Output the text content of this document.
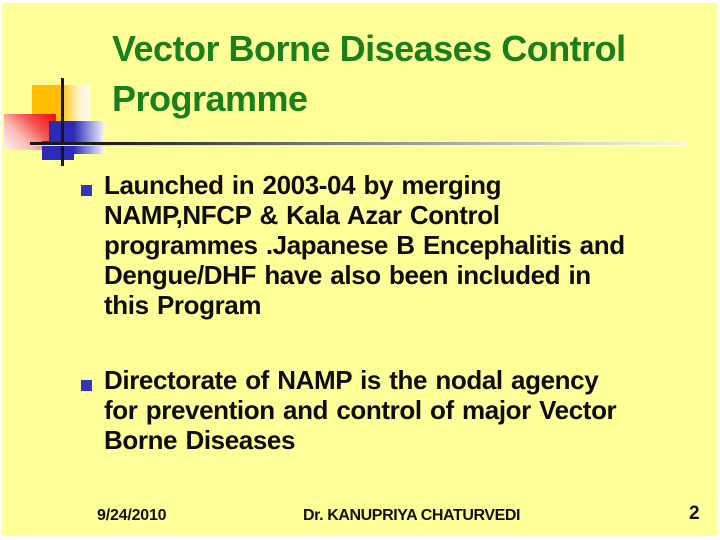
Vector Borne Diseases Control Programme
Launched in 2003-04 by merging
NAMP,NFCP & Kala Azar Control
programmes .Japanese B Encephalitis and
Dengue/DHF have also been included in
this Program
Directorate of NAMP is the nodal agency
for prevention and control of major Vector
Borne Diseases
9/24/2010	Dr. KANUPRIYA CHATURVEDI	2
